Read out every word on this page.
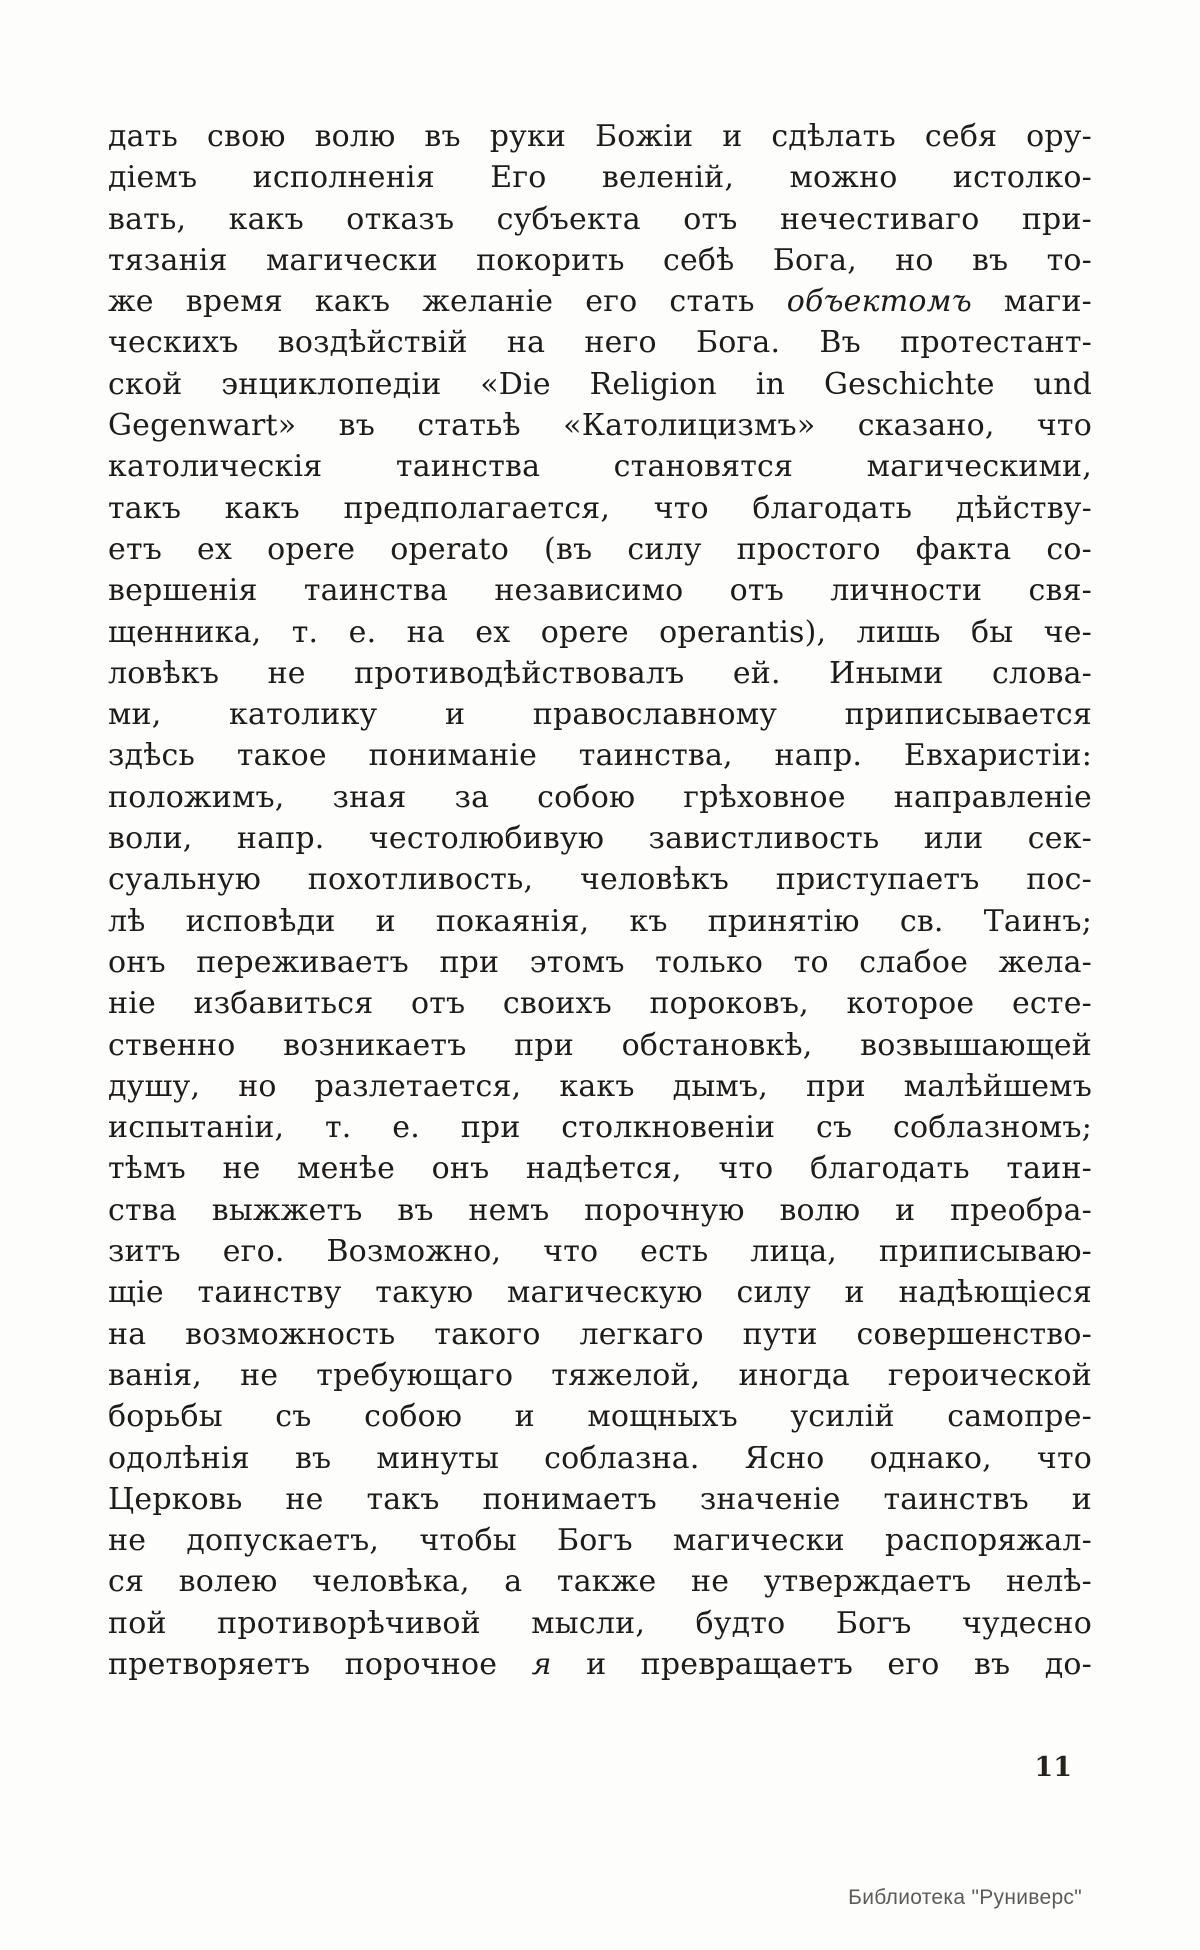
дать свою волю въ руки Божіи и сдѣлать себя ору-
діемъ исполненія Его веленій, можно истолко-
вать, какъ отказъ субъекта отъ нечестиваго при-
тязанія магически покорить себѣ Бога, но въ то-
же время какъ желаніе его стать объектомъ маги-
ческихъ воздѣйствій на него Бога. Въ протестант-
ской энциклопедіи «Die Religion in Geschichte und
Gegenwart» въ статьѣ «Католицизмъ» сказано, что
католическія таинства становятся магическими,
такъ какъ предполагается, что благодать дѣйству-
етъ ex opere operato (въ силу простого факта со-
вершенія таинства независимо отъ личности свя-
щенника, т. е. на ex opere operantis), лишь бы че-
ловѣкъ не противодѣйствовалъ ей. Иными слова-
ми, католику и православному приписывается
здѣсь такое пониманіе таинства, напр. Евхаристіи:
положимъ, зная за собою грѣховное направленіе
воли, напр. честолюбивую завистливость или сек-
суальную похотливость, человѣкъ приступаетъ пос-
лѣ исповѣди и покаянія, къ принятію св. Таинъ;
онъ переживаетъ при этомъ только то слабое жела-
ніе избавиться отъ своихъ пороковъ, которое есте-
ственно возникаетъ при обстановкѣ, возвышающей
душу, но разлетается, какъ дымъ, при малѣйшемъ
испытаніи, т. е. при столкновеніи съ соблазномъ;
тѣмъ не менѣе онъ надѣется, что благодать таин-
ства выжжетъ въ немъ порочную волю и преобра-
зитъ его. Возможно, что есть лица, приписываю-
щіе таинству такую магическую силу и надѣющіеся
на возможность такого легкаго пути совершенство-
ванія, не требующаго тяжелой, иногда героической
борьбы съ собою и мощныхъ усилій самопре-
одолѣнія въ минуты соблазна. Ясно однако, что
Церковь не такъ понимаетъ значеніе таинствъ и
не допускаетъ, чтобы Богъ магически распоряжал-
ся волею человѣка, а также не утверждаетъ нелѣ-
пой противорѣчивой мысли, будто Богъ чудесно
претворяетъ порочное я и превращаетъ его въ до-
11
Библиотека "Руниверс"
